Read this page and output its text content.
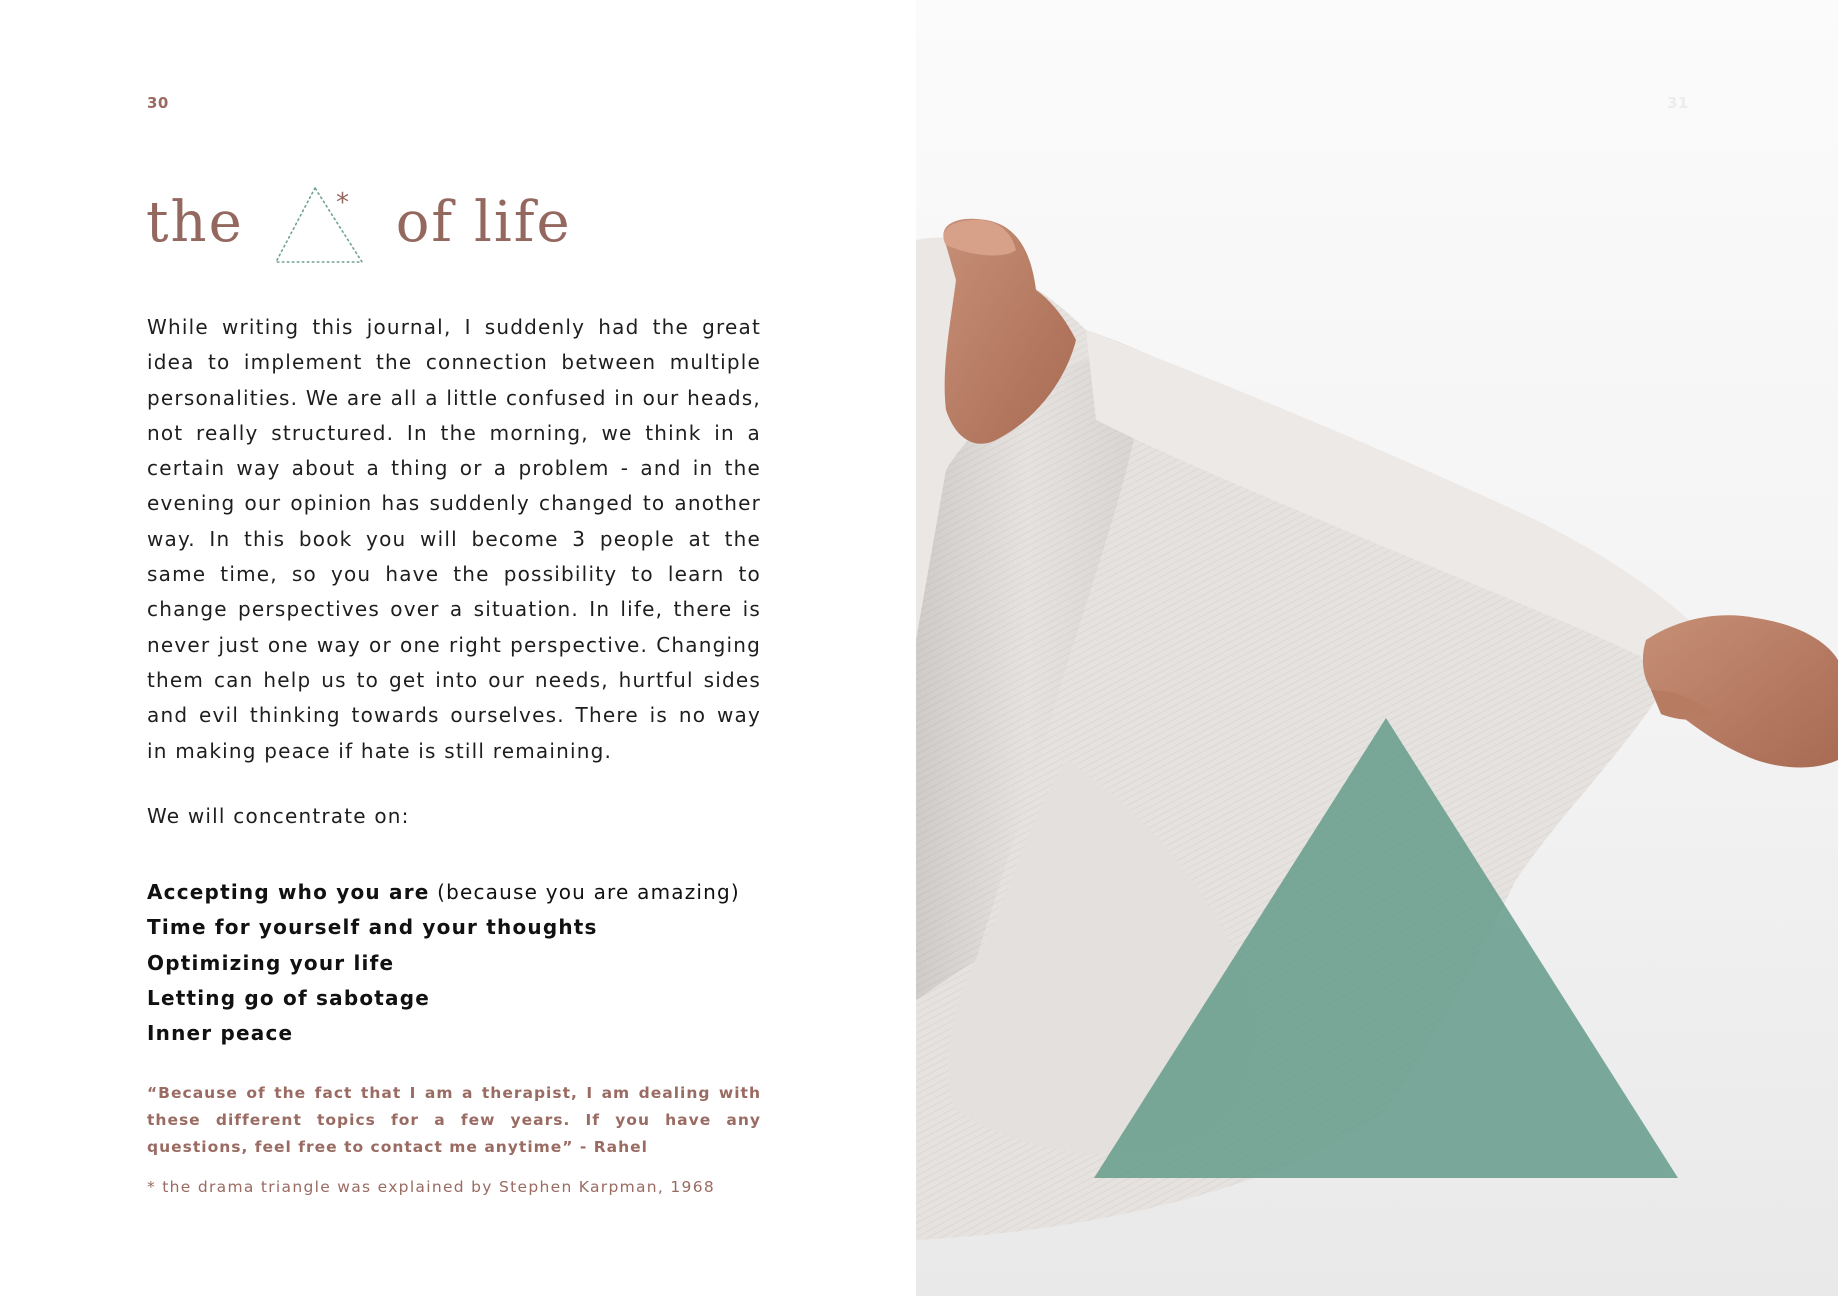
30
the	* of life
While writing this journal, I suddenly had the great idea to implement the connection between multiple personalities. We are all a little confused in our heads, not really structured. In the morning, we think in a certain way about a thing or a problem - and in the evening our opinion has suddenly changed to another way. In this book you will become 3 people at the same time, so you have the possibility to learn to change perspectives over a situation. In life, there is never just one way or one right perspective. Changing them can help us to get into our needs, hurtful sides and evil thinking towards ourselves. There is no way in making peace if hate is still remaining.
We will concentrate on:
Accepting who you are (because you are amazing)
Time for yourself and your thoughts
Optimizing your life
Letting go of sabotage
Inner peace
“Because of the fact that I am a therapist, I am dealing with these different topics for a few years. If you have any questions, feel free to contact me anytime” - Rahel
* the drama triangle was explained by Stephen Karpman, 1968
31
